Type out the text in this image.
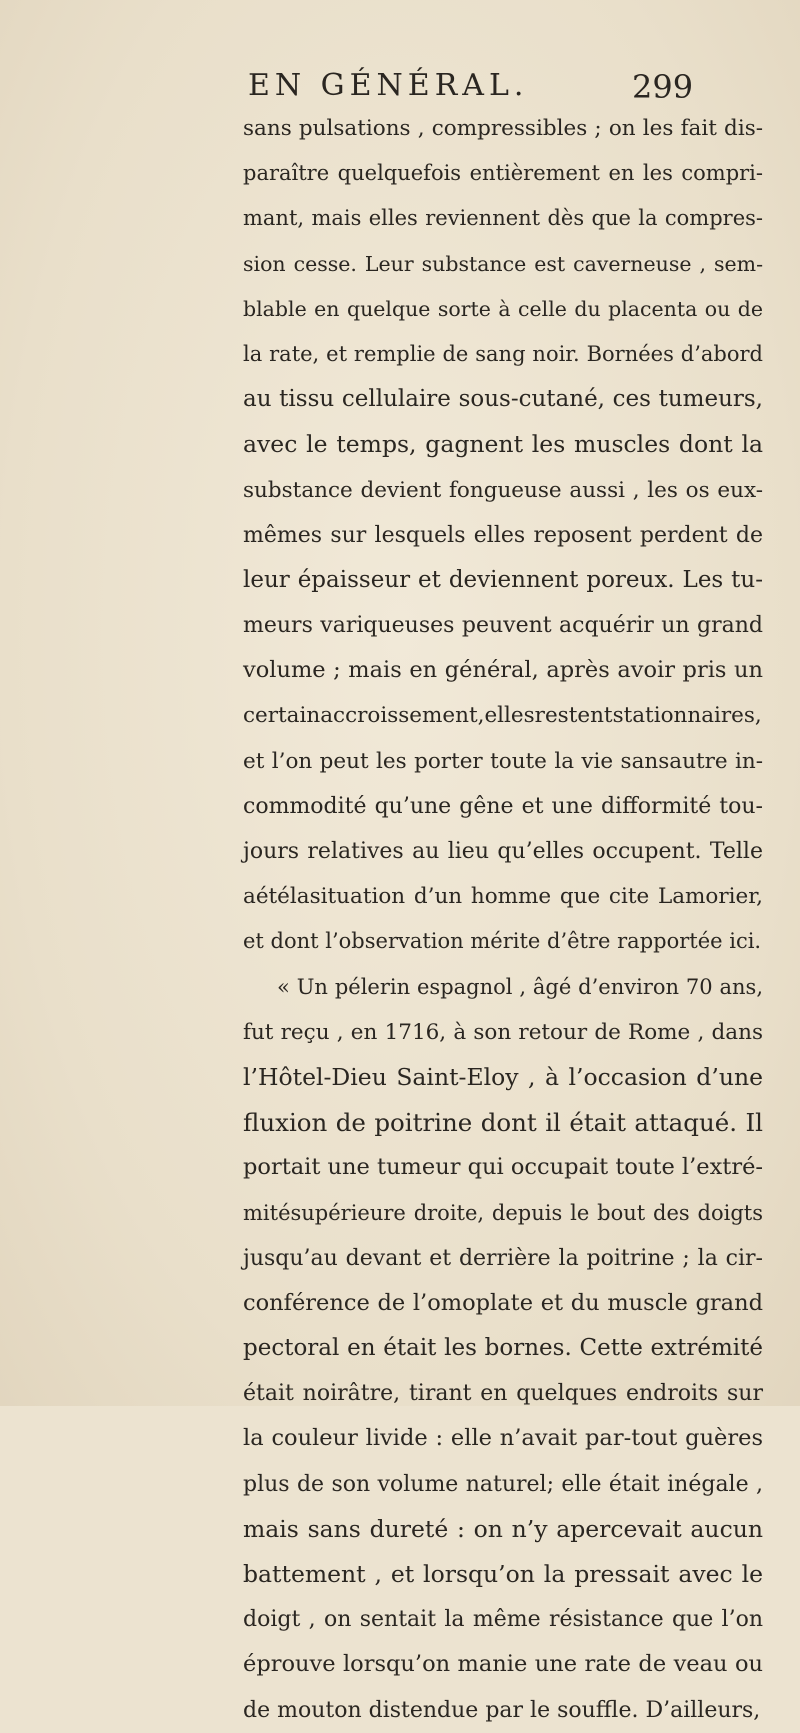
EN GÉNÉRAL.	299
sans pulsations , compressibles ; on les fait dis-
paraître quelquefois entièrement en les compri-
mant, mais elles reviennent dès que la compres-
sion cesse. Leur substance est caverneuse , sem-
blable en quelque sorte à celle du placenta ou de
la rate, et remplie de sang noir. Bornées d’abord
au tissu cellulaire sous-cutané, ces tumeurs,
avec le temps, gagnent les muscles dont la
substance devient fongueuse aussi , les os eux-
mêmes sur lesquels elles reposent perdent de
leur épaisseur et deviennent poreux. Les tu-
meurs variqueuses peuvent acquérir un grand
volume ; mais en général, après avoir pris un
certainaccroissement,ellesrestentstationnaires,
et l’on peut les porter toute la vie sansautre in-
commodité qu’une gêne et une difformité tou-
jours relatives au lieu qu’elles occupent. Telle
aétélasituation d’un homme que cite Lamorier,
et dont l’observation mérite d’être rapportée ici.
« Un pélerin espagnol , âgé d’environ 70 ans,
fut reçu , en 1716, à son retour de Rome , dans
l’Hôtel-Dieu Saint-Eloy , à l’occasion d’une
fluxion de poitrine dont il était attaqué. Il
portait une tumeur qui occupait toute l’extré-
mitésupérieure droite, depuis le bout des doigts
jusqu’au devant et derrière la poitrine ; la cir-
conférence de l’omoplate et du muscle grand
pectoral en était les bornes. Cette extrémité
était noirâtre, tirant en quelques endroits sur
la couleur livide : elle n’avait par-tout guères
plus de son volume naturel; elle était inégale ,
mais sans dureté : on n’y apercevait aucun
battement , et lorsqu’on la pressait avec le
doigt , on sentait la même résistance que l’on
éprouve lorsqu’on manie une rate de veau ou
de mouton distendue par le souffle. D’ailleurs,
